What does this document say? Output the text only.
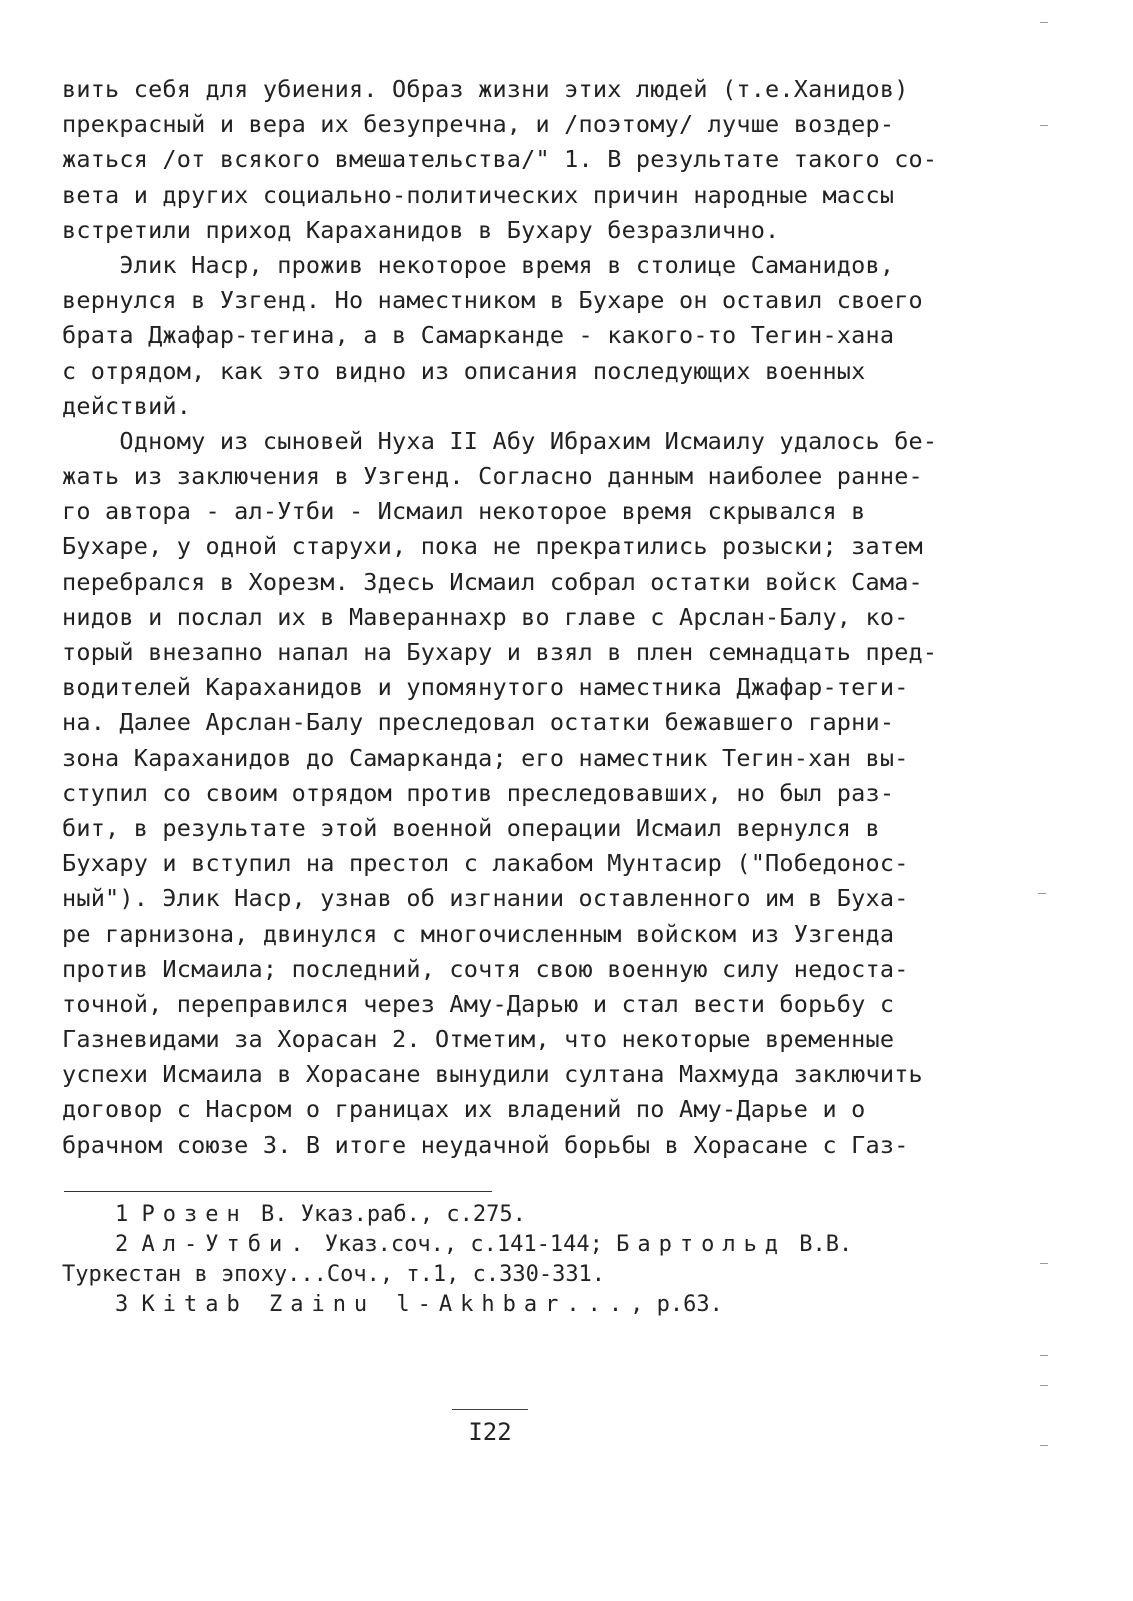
вить себя для убиения. Образ жизни этих людей (т.е.Ханидов)
прекрасный и вера их безупречна, и /поэтому/ лучше воздер-
жаться /от всякого вмешательства/" 1. В результате такого со-
вета и других социально-политических причин народные массы
встретили приход Караханидов в Бухару безразлично.
Элик Наср, прожив некоторое время в столице Саманидов,
вернулся в Узгенд. Но наместником в Бухаре он оставил своего
брата Джафар-тегина, а в Самарканде - какого-то Тегин-хана
с отрядом, как это видно из описания последующих военных
действий.
Одному из сыновей Нуха II Абу Ибрахим Исмаилу удалось бе-
жать из заключения в Узгенд. Согласно данным наиболее ранне-
го автора - ал-Утби - Исмаил некоторое время скрывался в
Бухаре, у одной старухи, пока не прекратились розыски; затем
перебрался в Хорезм. Здесь Исмаил собрал остатки войск Сама-
нидов и послал их в Мавераннахр во главе с Арслан-Балу, ко-
торый внезапно напал на Бухару и взял в плен семнадцать пред-
водителей Караханидов и упомянутого наместника Джафар-теги-
на. Далее Арслан-Балу преследовал остатки бежавшего гарни-
зона Караханидов до Самарканда; его наместник Тегин-хан вы-
ступил со своим отрядом против преследовавших, но был раз-
бит, в результате этой военной операции Исмаил вернулся в
Бухару и вступил на престол с лакабом Мунтасир ("Победонос-
ный"). Элик Наср, узнав об изгнании оставленного им в Буха-
ре гарнизона, двинулся с многочисленным войском из Узгенда
против Исмаила; последний, сочтя свою военную силу недоста-
точной, переправился через Аму-Дарью и стал вести борьбу с
Газневидами за Хорасан 2. Отметим, что некоторые временные
успехи Исмаила в Хорасане вынудили султана Махмуда заключить
договор с Насром о границах их владений по Аму-Дарье и о
брачном союзе 3. В итоге неудачной борьбы в Хорасане с Газ-
1 Розен В. Указ.раб., с.275.
2 Ал-Утби. Указ.соч., с.141-144; Бартольд В.В.
Туркестан в эпоху...Соч., т.1, с.330-331.
3 Kitab Zainu l-Akhbar..., p.63.
I22
